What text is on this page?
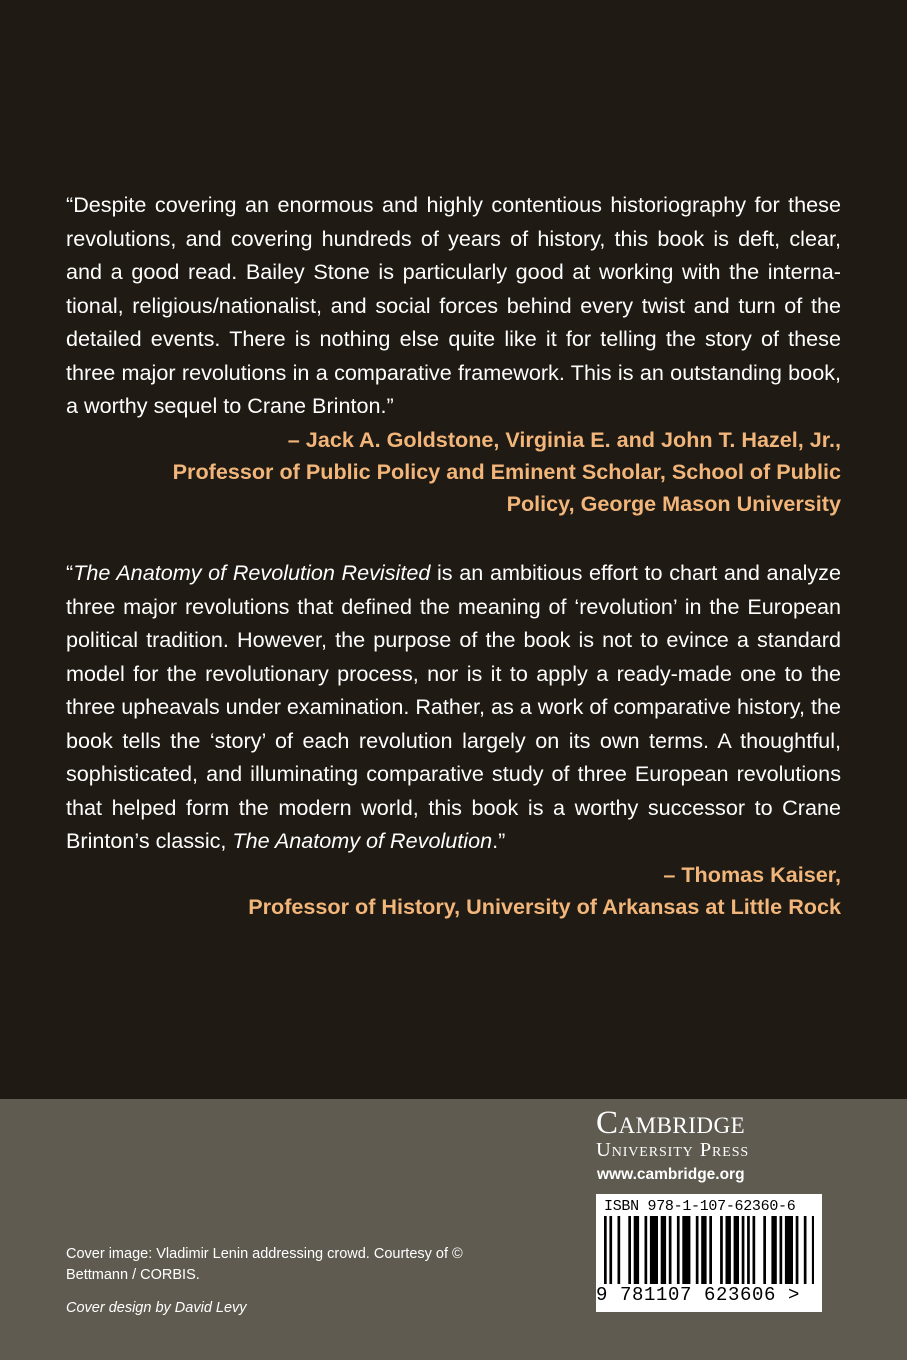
“Despite covering an enormous and highly contentious historiography for these revolutions, and covering hundreds of years of history, this book is deft, clear, and a good read. Bailey Stone is particularly good at working with the international, religious/nationalist, and social forces behind every twist and turn of the detailed events. There is nothing else quite like it for telling the story of these three major revolutions in a comparative framework. This is an outstanding book, a worthy sequel to Crane Brinton.”
– Jack A. Goldstone, Virginia E. and John T. Hazel, Jr.,
Professor of Public Policy and Eminent Scholar, School of Public
Policy, George Mason University
“The Anatomy of Revolution Revisited is an ambitious effort to chart and analyze three major revolutions that defined the meaning of ‘revolution’ in the European political tradition. However, the purpose of the book is not to evince a standard model for the revolutionary process, nor is it to apply a ready-made one to the three upheavals under examination. Rather, as a work of comparative history, the book tells the ‘story’ of each revolution largely on its own terms. A thoughtful, sophisticated, and illuminating comparative study of three European revolutions that helped form the modern world, this book is a worthy successor to Crane Brinton’s classic, The Anatomy of Revolution.”
– Thomas Kaiser,
Professor of History, University of Arkansas at Little Rock
Cambridge
University Press
www.cambridge.org
ISBN 978-1-107-62360-6
9 781107 623606 >
Cover image: Vladimir Lenin addressing crowd. Courtesy of © Bettmann / CORBIS.
Cover design by David Levy
